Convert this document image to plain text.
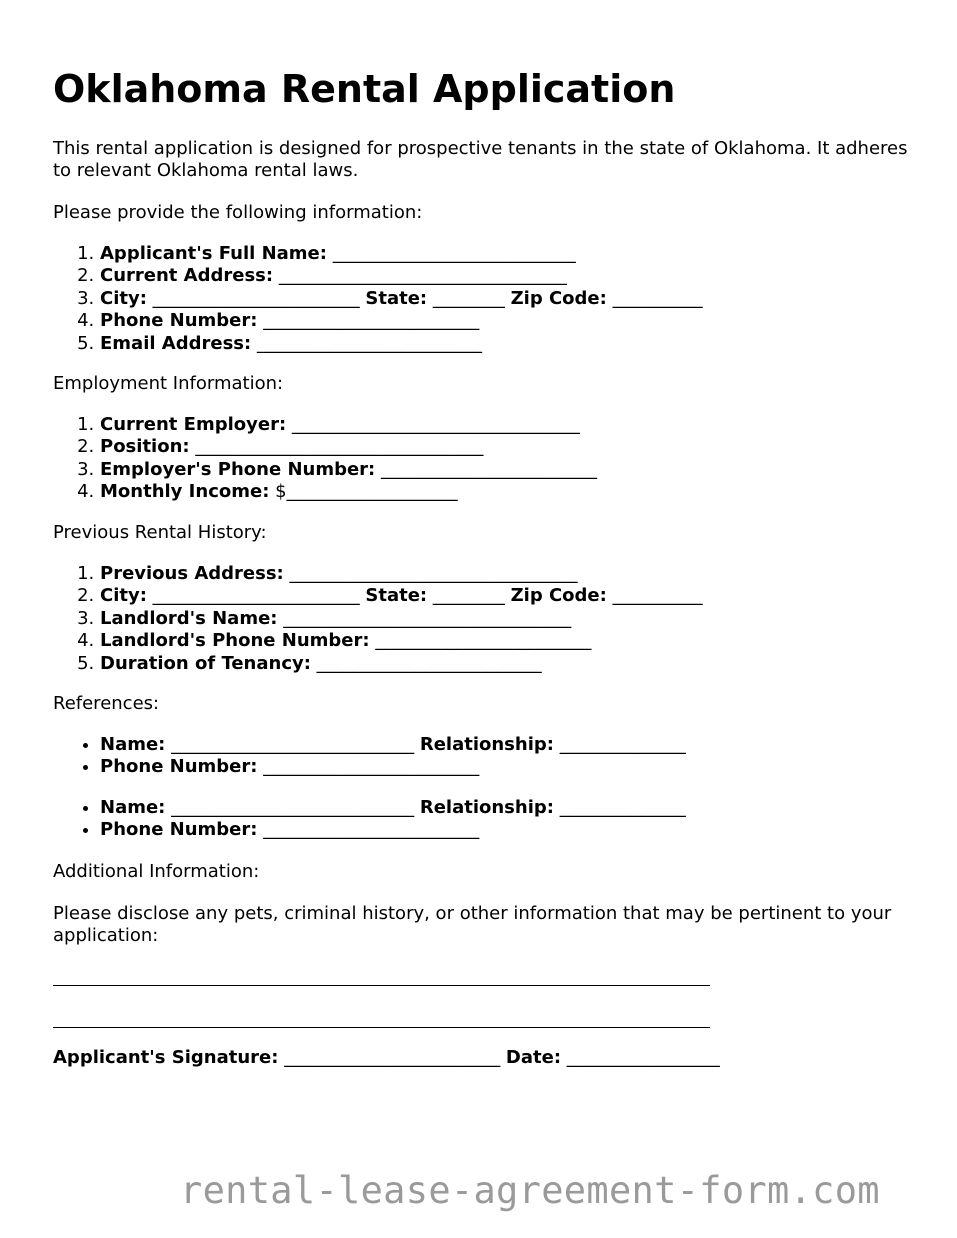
Oklahoma Rental Application

This rental application is designed for prospective tenants in the state of Oklahoma. It adheres to relevant Oklahoma rental laws.

Please provide the following information:

1. Applicant's Full Name: ___________________________
2. Current Address: ________________________________
3. City: _______________________ State: ________ Zip Code: __________
4. Phone Number: ________________________
5. Email Address: _________________________

Employment Information:

1. Current Employer: ________________________________
2. Position: ________________________________
3. Employer's Phone Number: ________________________
4. Monthly Income: $___________________

Previous Rental History:

1. Previous Address: ________________________________
2. City: _______________________ State: ________ Zip Code: __________
3. Landlord's Name: ________________________________
4. Landlord's Phone Number: ________________________
5. Duration of Tenancy: _________________________

References:

• Name: ___________________________ Relationship: ______________
• Phone Number: ________________________
• Name: ___________________________ Relationship: ______________
• Phone Number: ________________________

Additional Information:

Please disclose any pets, criminal history, or other information that may be pertinent to your application:

Applicant's Signature: ________________________ Date: _________________
rental-lease-agreement-form.com
